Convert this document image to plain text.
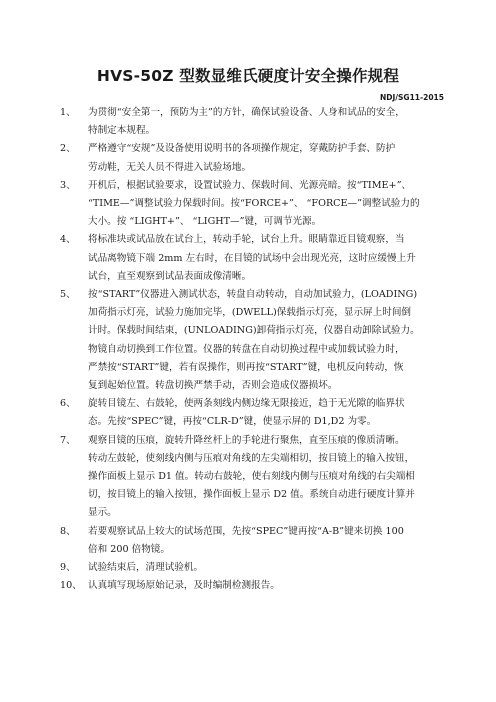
HVS-50Z 型数显维氏硬度计安全操作规程
NDJ/SG11-2015
1、 为贯彻“安全第一，预防为主”的方针，确保试验设备、人身和试品的安全，
特制定本规程。
2、 严格遵守“安规”及设备使用说明书的各项操作规定，穿戴防护手套、防护
劳动鞋，无关人员不得进入试验场地。
3、 开机后，根据试验要求，设置试验力、保载时间、光源亮暗。按“TIME+”、
“TIME—”调整试验力保载时间。按“FORCE+”、 “FORCE—”调整试验力的
大小。按 “LIGHT+”、 “LIGHT—”键，可调节光源。
4、 将标准块或试品放在试台上，转动手轮，试台上升。眼睛靠近目镜观察，当
试品离物镜下端 2mm 左右时，在目镜的试场中会出现光亮，这时应缓慢上升
试台，直至观察到试品表面成像清晰。
5、 按“START”仪器进入测试状态，转盘自动转动，自动加试验力，(LOADING)
加荷指示灯亮，试验力施加完毕，(DWELL)保载指示灯亮，显示屏上时间倒
计时。保载时间结束，(UNLOADING)卸荷指示灯亮，仪器自动卸除试验力。
物镜自动切换到工作位置。仪器的转盘在自动切换过程中或加载试验力时，
严禁按“START”键，若有误操作，则再按“START”键，电机反向转动，恢
复到起始位置。转盘切换严禁手动，否则会造成仪器损坏。
6、 旋转目镜左、右鼓轮，使两条刻线内侧边缘无限接近，趋于无光隙的临界状
态。先按“SPEC”键，再按“CLR-D”键，使显示屏的 D1,D2 为零。
7、 观察目镜的压痕，旋转升降丝杆上的手轮进行聚焦，直至压痕的像质清晰。
转动左鼓轮，使刻线内侧与压痕对角线的左尖端相切，按目镜上的输入按钮，
操作面板上显示 D1 值。转动右鼓轮，使右刻线内侧与压痕对角线的右尖端相
切，按目镜上的输入按钮，操作面板上显示 D2 值。系统自动进行硬度计算并
显示。
8、 若要观察试品上较大的试场范围，先按“SPEC”键再按“A-B”键来切换 100
倍和 200 倍物镜。
9、 试验结束后，清理试验机。
10、 认真填写现场原始记录，及时编制检测报告。
